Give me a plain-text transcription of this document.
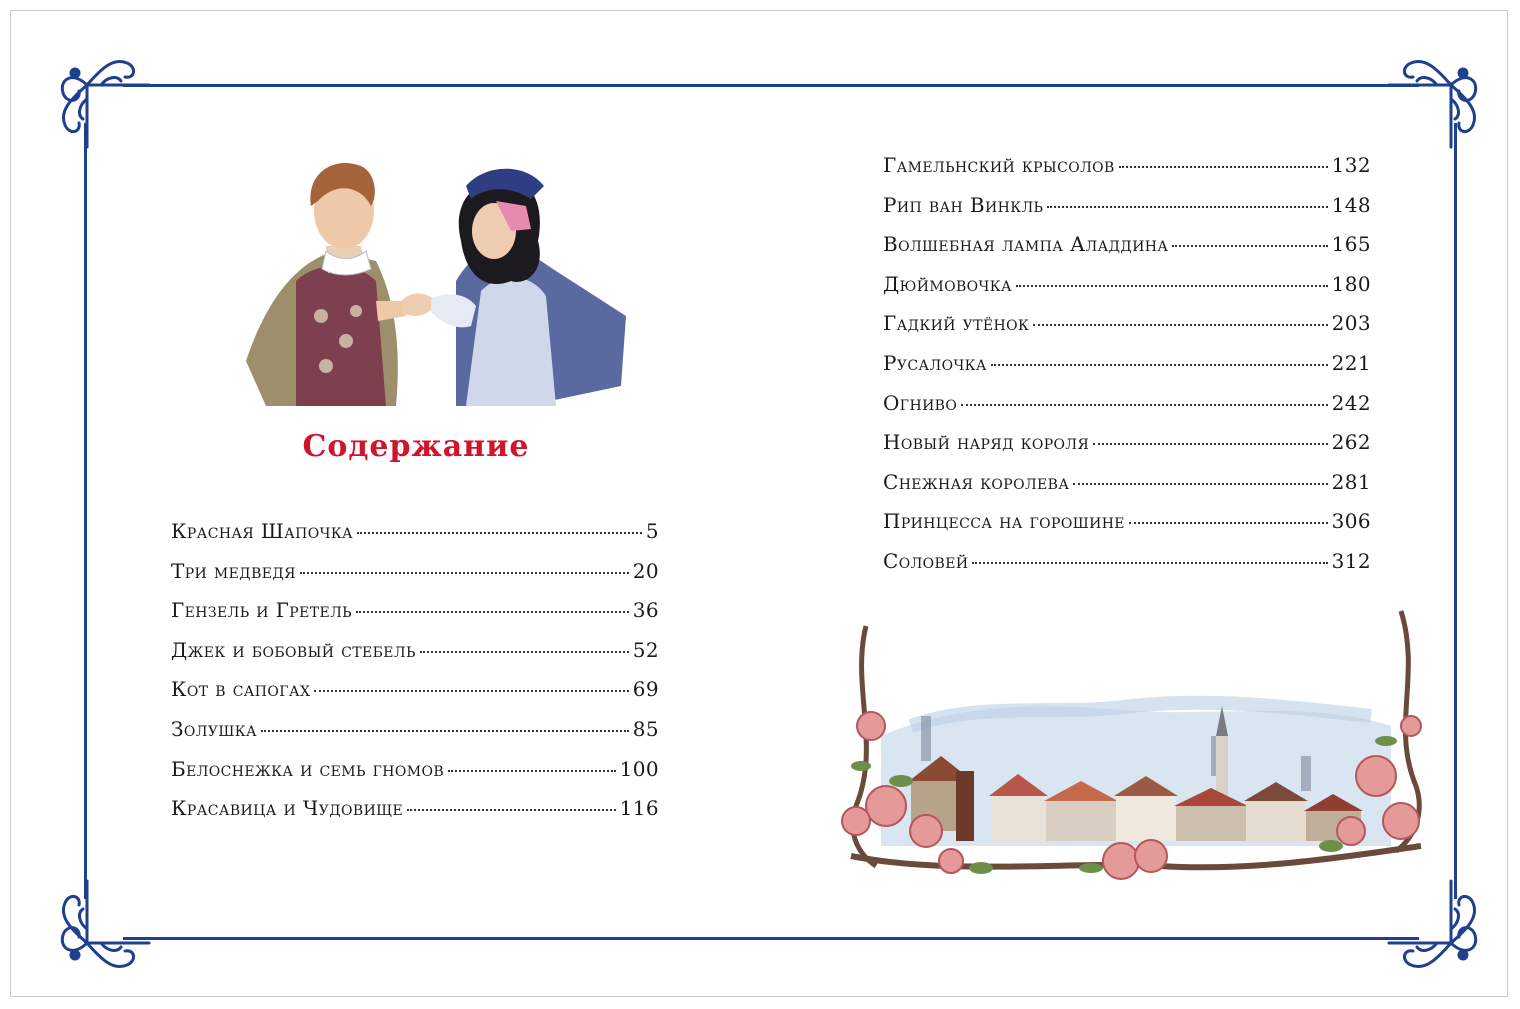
Содержание
Красная Шапочка	5
Три медведя	20
Гензель и Гретель	36
Джек и бобовый стебель	52
Кот в сапогах	69
Золушка	85
Белоснежка и семь гномов	100
Красавица и Чудовище	116
Гамельнский крысолов	132
Рип ван Винкль	148
Волшебная лампа Аладдина	165
Дюймовочка	180
Гадкий утёнок	203
Русалочка	221
Огниво	242
Новый наряд короля	262
Снежная королева	281
Принцесса на горошине	306
Соловей	312
